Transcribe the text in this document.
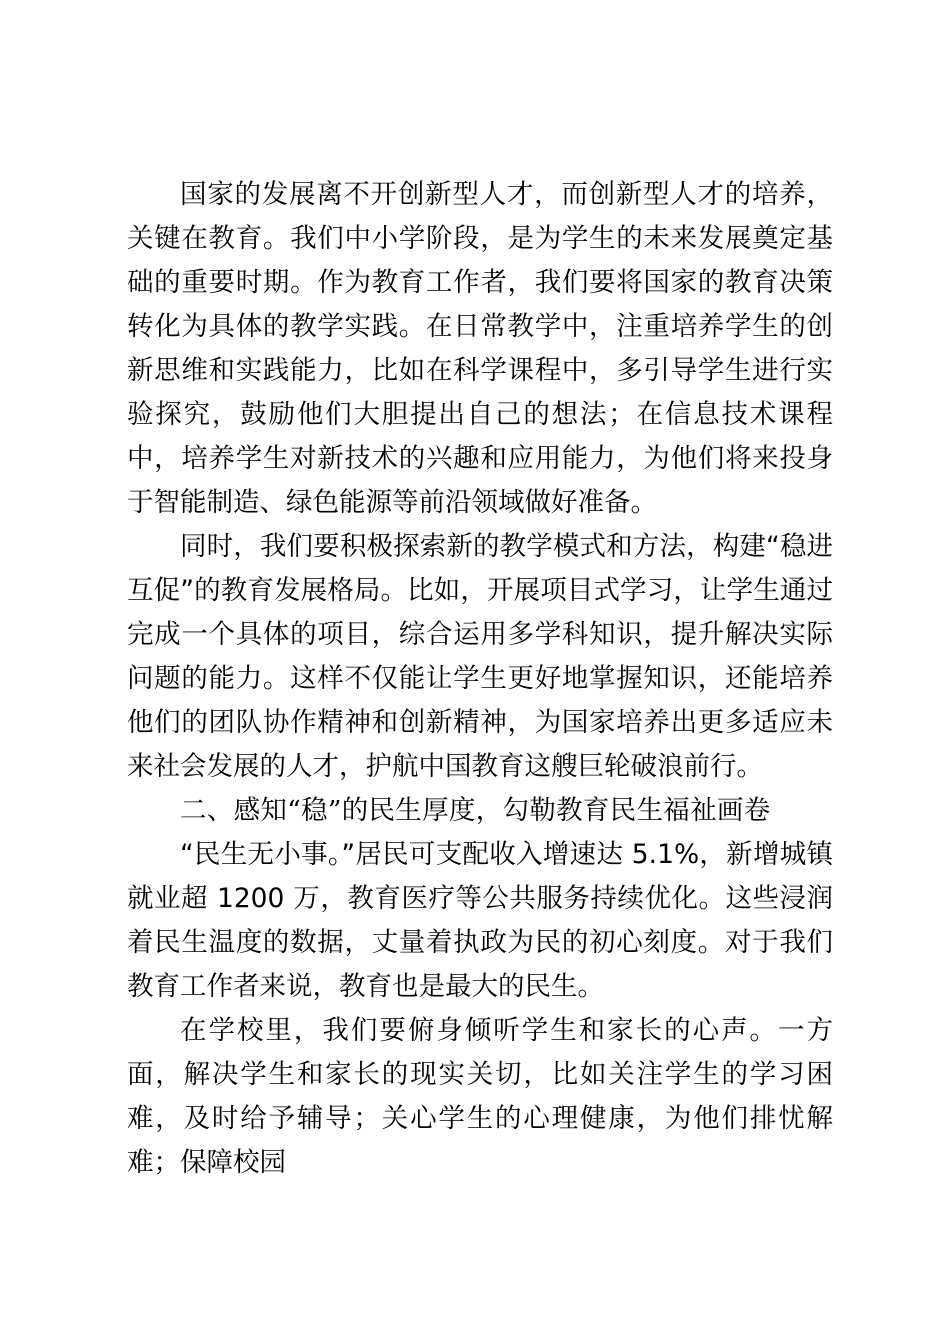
国家的发展离不开创新型人才，而创新型人才的培养，关键在教育。我们中小学阶段，是为学生的未来发展奠定基础的重要时期。作为教育工作者，我们要将国家的教育决策转化为具体的教学实践。在日常教学中，注重培养学生的创新思维和实践能力，比如在科学课程中，多引导学生进行实验探究，鼓励他们大胆提出自己的想法；在信息技术课程中，培养学生对新技术的兴趣和应用能力，为他们将来投身于智能制造、绿色能源等前沿领域做好准备。

同时，我们要积极探索新的教学模式和方法，构建“稳进互促”的教育发展格局。比如，开展项目式学习，让学生通过完成一个具体的项目，综合运用多学科知识，提升解决实际问题的能力。这样不仅能让学生更好地掌握知识，还能培养他们的团队协作精神和创新精神，为国家培养出更多适应未来社会发展的人才，护航中国教育这艘巨轮破浪前行。

二、感知“稳”的民生厚度，勾勒教育民生福祉画卷

“民生无小事。”居民可支配收入增速达 5.1%，新增城镇就业超 1200 万，教育医疗等公共服务持续优化。这些浸润着民生温度的数据，丈量着执政为民的初心刻度。对于我们教育工作者来说，教育也是最大的民生。

在学校里，我们要俯身倾听学生和家长的心声。一方面，解决学生和家长的现实关切，比如关注学生的学习困难，及时给予辅导；关心学生的心理健康，为他们排忧解难；保障校园
